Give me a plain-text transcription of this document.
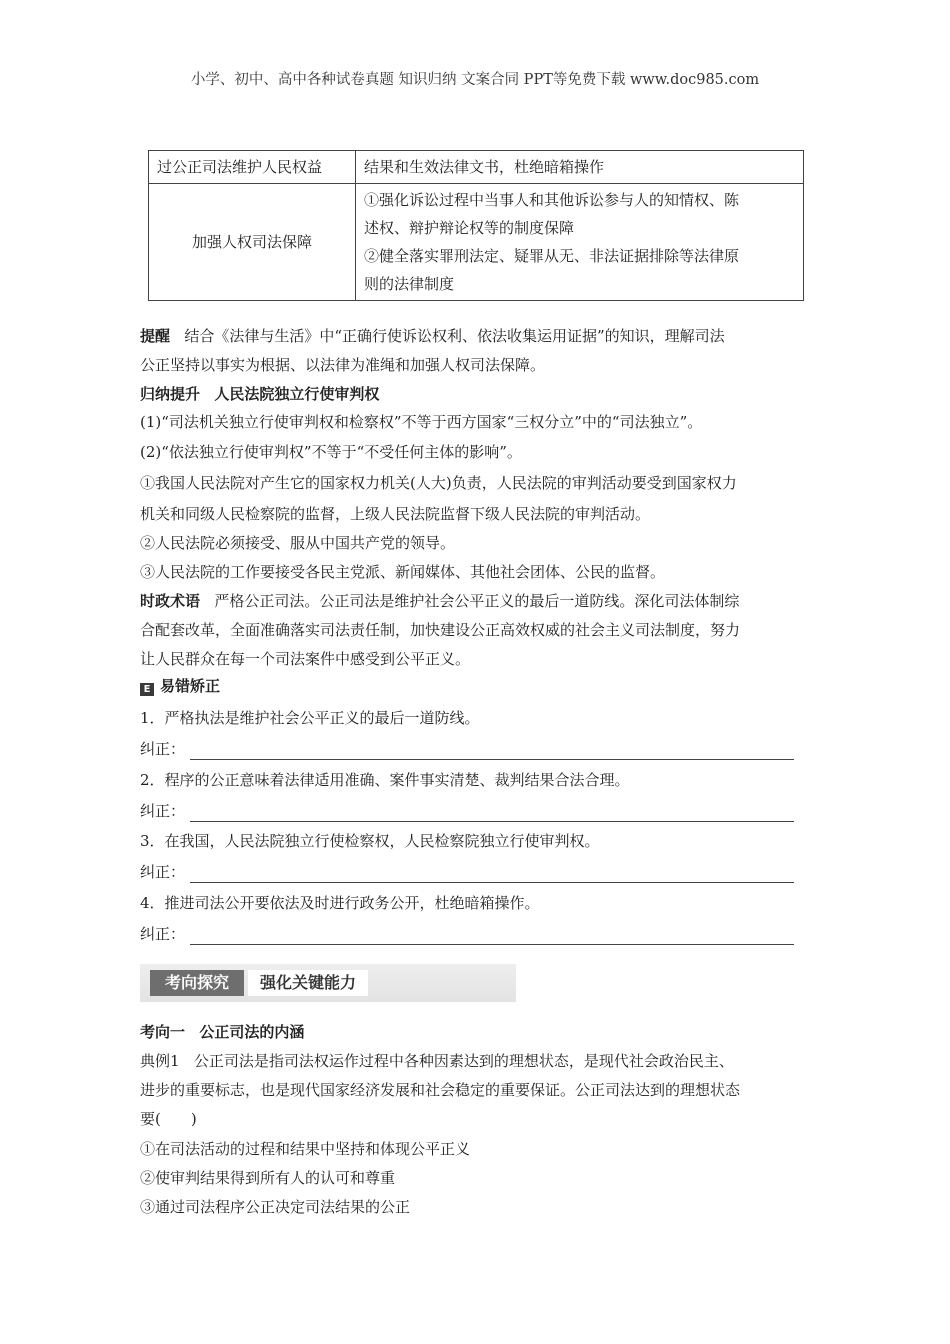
小学、初中、高中各种试卷真题 知识归纳 文案合同 PPT等免费下载 www.doc985.com
过公正司法维护人民权益	结果和生效法律文书，杜绝暗箱操作
加强人权司法保障	①强化诉讼过程中当事人和其他诉讼参与人的知情权、陈
述权、辩护辩论权等的制度保障
②健全落实罪刑法定、疑罪从无、非法证据排除等法律原
则的法律制度
提醒 结合《法律与生活》中“正确行使诉讼权利、依法收集运用证据”的知识，理解司法
公正坚持以事实为根据、以法律为准绳和加强人权司法保障。
归纳提升 人民法院独立行使审判权
(1)“司法机关独立行使审判权和检察权”不等于西方国家“三权分立”中的“司法独立”。
(2)“依法独立行使审判权”不等于“不受任何主体的影响”。
①我国人民法院对产生它的国家权力机关(人大)负责，人民法院的审判活动要受到国家权力
机关和同级人民检察院的监督，上级人民法院监督下级人民法院的审判活动。
②人民法院必须接受、服从中国共产党的领导。
③人民法院的工作要接受各民主党派、新闻媒体、其他社会团体、公民的监督。
时政术语 严格公正司法。公正司法是维护社会公平正义的最后一道防线。深化司法体制综
合配套改革，全面准确落实司法责任制，加快建设公正高效权威的社会主义司法制度，努力
让人民群众在每一个司法案件中感受到公平正义。
E 易错矫正
1．严格执法是维护社会公平正义的最后一道防线。
纠正：
2．程序的公正意味着法律适用准确、案件事实清楚、裁判结果合法合理。
纠正：
3．在我国，人民法院独立行使检察权，人民检察院独立行使审判权。
纠正：
4．推进司法公开要依法及时进行政务公开，杜绝暗箱操作。
纠正：
考向探究	强化关键能力
考向一 公正司法的内涵
典例1 公正司法是指司法权运作过程中各种因素达到的理想状态，是现代社会政治民主、
进步的重要标志，也是现代国家经济发展和社会稳定的重要保证。公正司法达到的理想状态
要(　　)
①在司法活动的过程和结果中坚持和体现公平正义
②使审判结果得到所有人的认可和尊重
③通过司法程序公正决定司法结果的公正
